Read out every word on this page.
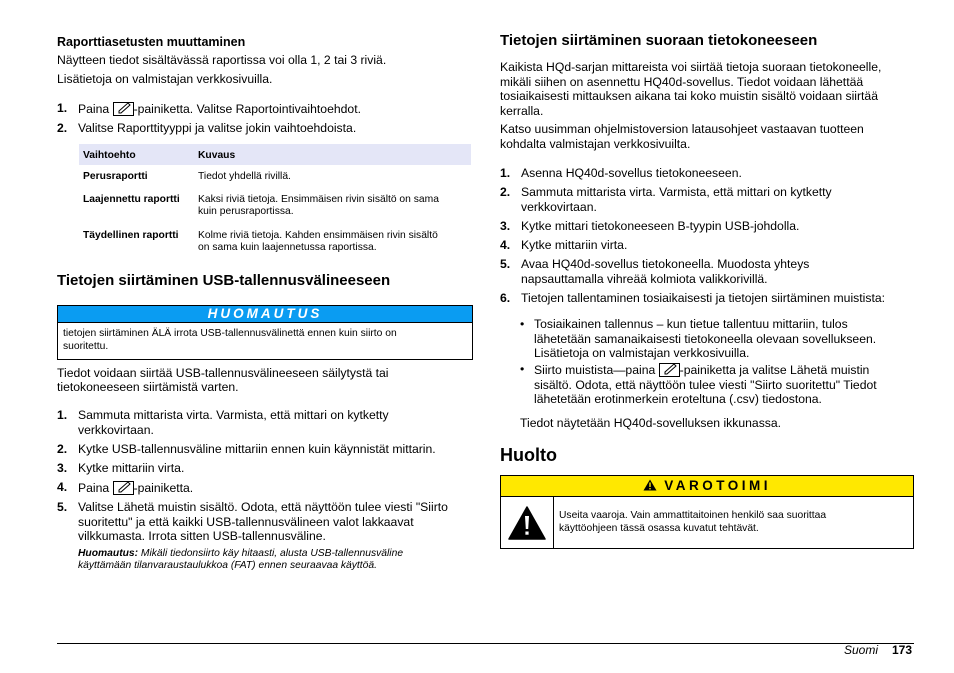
Raporttiasetusten muuttaminen

Näytteen tiedot sisältävässä raportissa voi olla 1, 2 tai 3 riviä.

Lisätietoja on valmistajan verkkosivuilla.

1. Paina -painiketta. Valitse Raportointivaihtoehdot.
2. Valitse Raporttityyppi ja valitse jokin vaihtoehdoista.
Vaihtoehto	Kuvaus
Perusraportti	Tiedot yhdellä rivillä.
Laajennettu raportti Kaksi riviä tietoja. Ensimmäisen rivin sisältö on sama
kuin perusraportissa.
Täydellinen raportti Kolme riviä tietoja. Kahden ensimmäisen rivin sisältö
on sama kuin laajennetussa raportissa.
Tietojen siirtäminen USB-tallennusvälineeseen
HUOMAUTUS
tietojen siirtäminen ÄLÄ irrota USB-tallennusvälinettä ennen kuin siirto on
suoritettu.

Tiedot voidaan siirtää USB-tallennusvälineeseen säilytystä tai

tietokoneeseen siirtämistä varten.

1. Sammuta mittarista virta. Varmista, että mittari on kytketty
verkkovirtaan.
2. Kytke USB-tallennusväline mittariin ennen kuin käynnistät mittarin.
3. Kytke mittariin virta.
4. Paina -painiketta.
5. Valitse Lähetä muistin sisältö. Odota, että näyttöön tulee viesti "Siirto
suoritettu" ja että kaikki USB-tallennusvälineen valot lakkaavat
vilkkumasta. Irrota sitten USB-tallennusväline.
Huomautus: Mikäli tiedonsiirto käy hitaasti, alusta USB-tallennusväline
käyttämään tilanvaraustaulukkoa (FAT) ennen seuraavaa käyttöä.
Tietojen siirtäminen suoraan tietokoneeseen
Kaikista HQd-sarjan mittareista voi siirtää tietoja suoraan tietokoneelle,
mikäli siihen on asennettu HQ40d-sovellus. Tiedot voidaan lähettää
tosiaikaisesti mittauksen aikana tai koko muistin sisältö voidaan siirtää
kerralla.
Katso uusimman ohjelmistoversion latausohjeet vastaavan tuotteen
kohdalta valmistajan verkkosivuilta.
1. Asenna HQ40d-sovellus tietokoneeseen.
2. Sammuta mittarista virta. Varmista, että mittari on kytketty
verkkovirtaan.
3. Kytke mittari tietokoneeseen B-tyypin USB-johdolla.
4. Kytke mittariin virta.
5. Avaa HQ40d-sovellus tietokoneella. Muodosta yhteys
napsauttamalla vihreää kolmiota valikkorivillä.
6. Tietojen tallentaminen tosiaikaisesti ja tietojen siirtäminen muistista:
• Tosiaikainen tallennus – kun tietue tallentuu mittariin, tulos
lähetetään samanaikaisesti tietokoneella olevaan sovellukseen.
Lisätietoja on valmistajan verkkosivuilla.
• Siirto muistista—paina -painiketta ja valitse Lähetä muistin
sisältö. Odota, että näyttöön tulee viesti "Siirto suoritettu" Tiedot
lähetetään erotinmerkein eroteltuna (.csv) tiedostona.

Tiedot näytetään HQ40d-sovelluksen ikkunassa.

Huolto
VAROTOIMI
Useita vaaroja. Vain ammattitaitoinen henkilö saa suorittaa
käyttöohjeen tässä osassa kuvatut tehtävät.
Suomi 173
